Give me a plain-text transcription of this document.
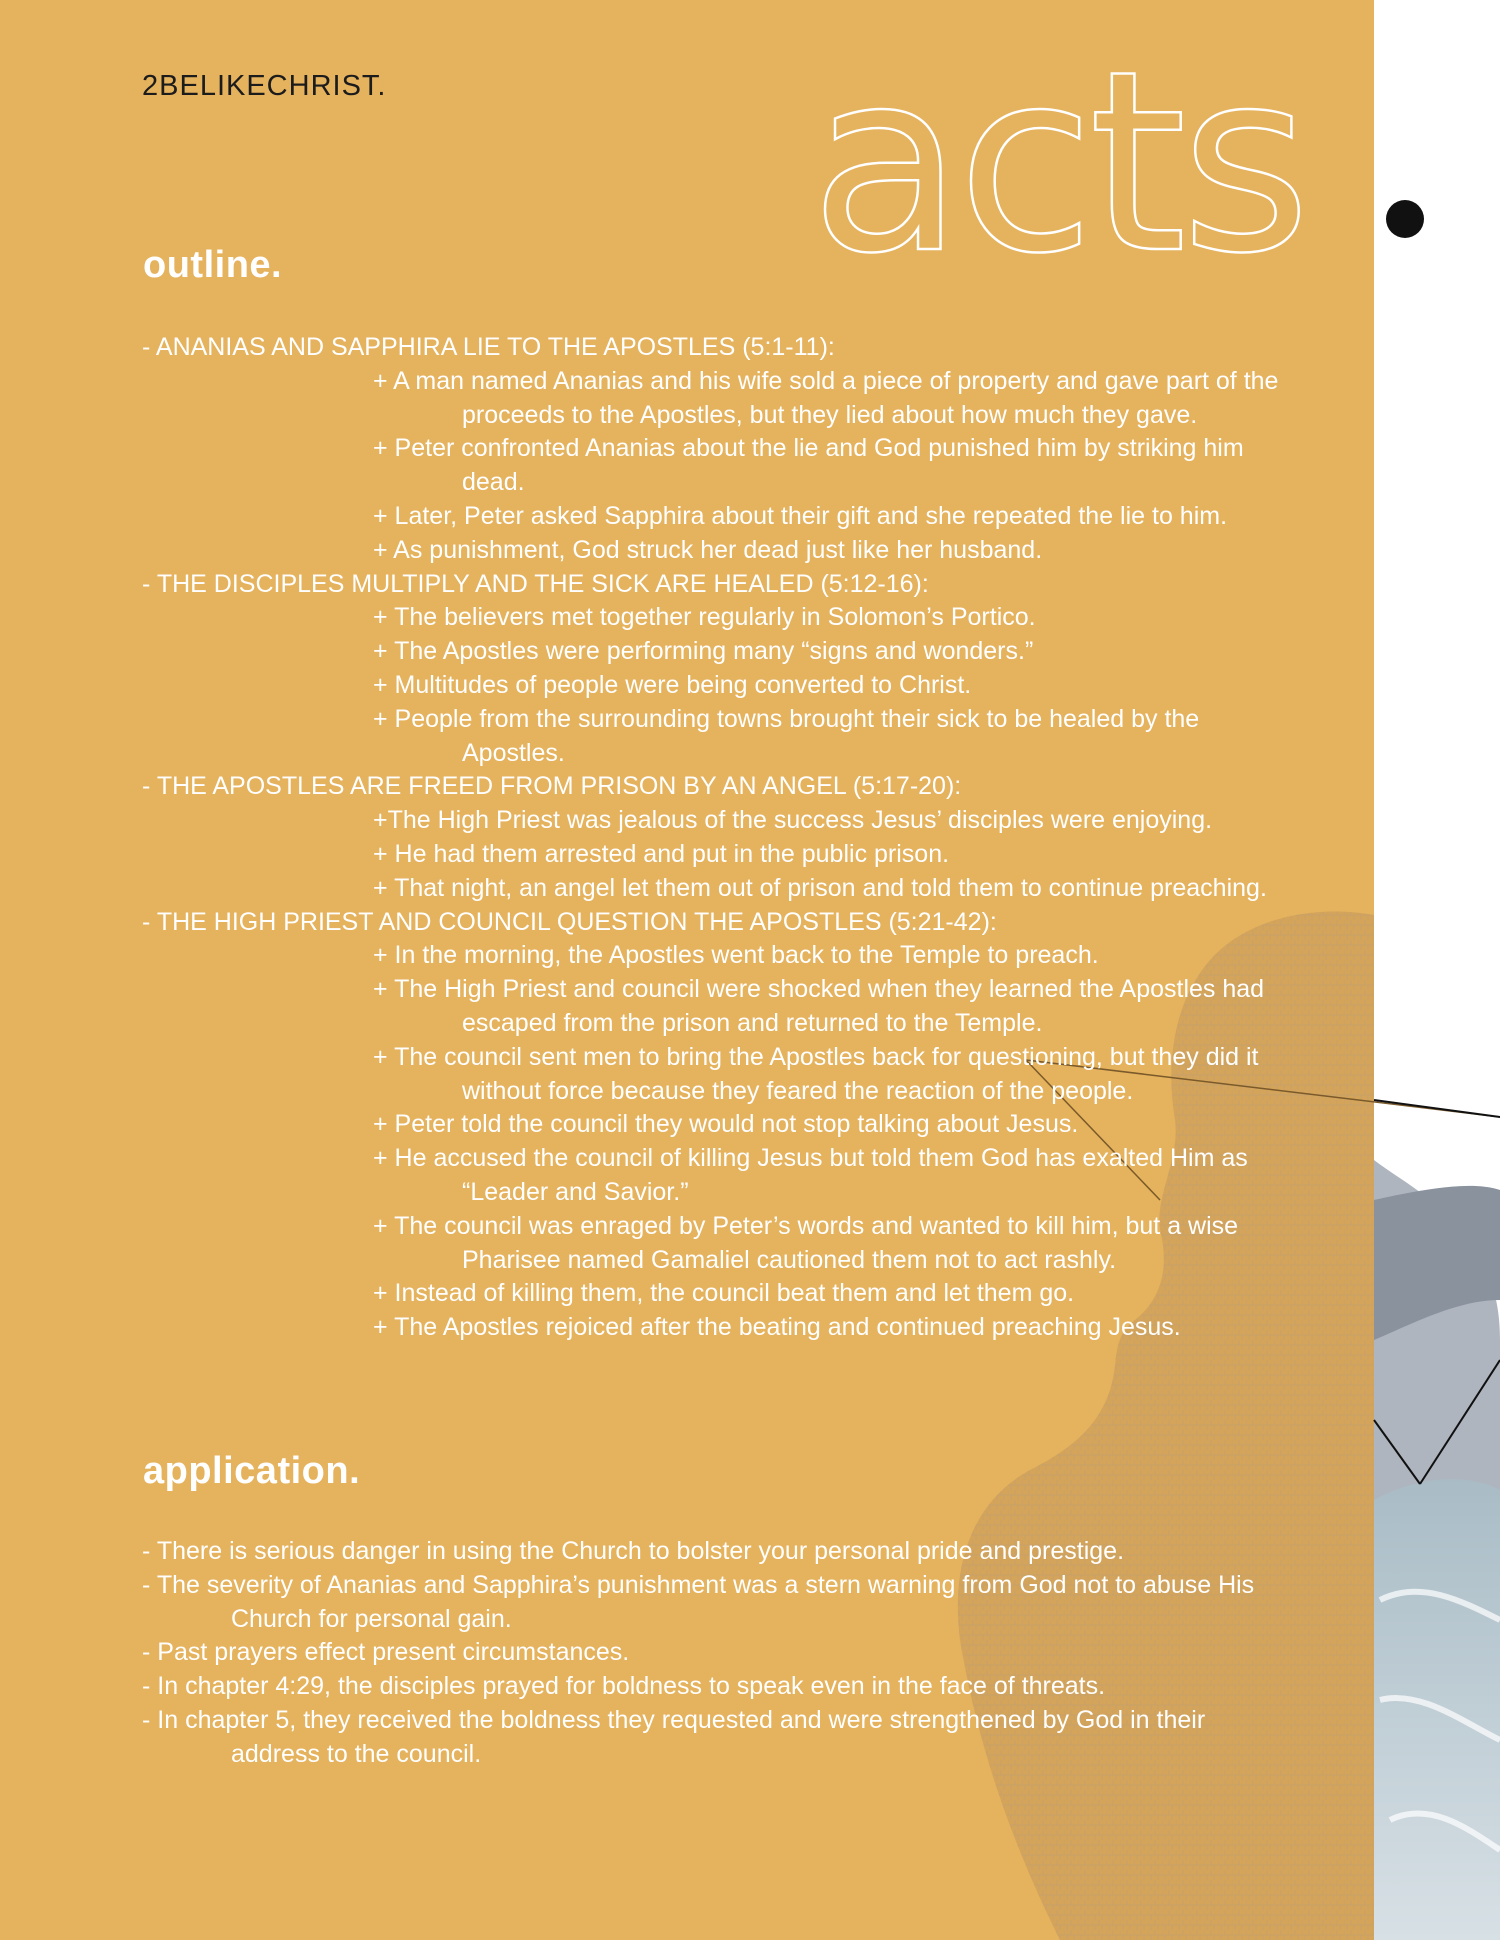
2BELIKECHRIST. acts
outline.
- ANANIAS AND SAPPHIRA LIE TO THE APOSTLES (5:1-11):
+ A man named Ananias and his wife sold a piece of property and gave part of the proceeds to the Apostles, but they lied about how much they gave.
+ Peter confronted Ananias about the lie and God punished him by striking him dead.
+ Later, Peter asked Sapphira about their gift and she repeated the lie to him.
+ As punishment, God struck her dead just like her husband.
- THE DISCIPLES MULTIPLY AND THE SICK ARE HEALED (5:12-16):
+ The believers met together regularly in Solomon’s Portico.
+ The Apostles were performing many “signs and wonders.”
+ Multitudes of people were being converted to Christ.
+ People from the surrounding towns brought their sick to be healed by the Apostles.
- THE APOSTLES ARE FREED FROM PRISON BY AN ANGEL (5:17-20):
+The High Priest was jealous of the success Jesus’ disciples were enjoying.
+ He had them arrested and put in the public prison.
+ That night, an angel let them out of prison and told them to continue preaching.
- THE HIGH PRIEST AND COUNCIL QUESTION THE APOSTLES (5:21-42):
+ In the morning, the Apostles went back to the Temple to preach.
+ The High Priest and council were shocked when they learned the Apostles had escaped from the prison and returned to the Temple.
+ The council sent men to bring the Apostles back for questioning, but they did it without force because they feared the reaction of the people.
+ Peter told the council they would not stop talking about Jesus.
+ He accused the council of killing Jesus but told them God has exalted Him as “Leader and Savior.”
+ The council was enraged by Peter’s words and wanted to kill him, but a wise Pharisee named Gamaliel cautioned them not to act rashly.
+ Instead of killing them, the council beat them and let them go.
+ The Apostles rejoiced after the beating and continued preaching Jesus.
application.
- There is serious danger in using the Church to bolster your personal pride and prestige.
- The severity of Ananias and Sapphira’s punishment was a stern warning from God not to abuse His Church for personal gain.
- Past prayers effect present circumstances.
- In chapter 4:29, the disciples prayed for boldness to speak even in the face of threats.
- In chapter 5, they received the boldness they requested and were strengthened by God in their address to the council.
